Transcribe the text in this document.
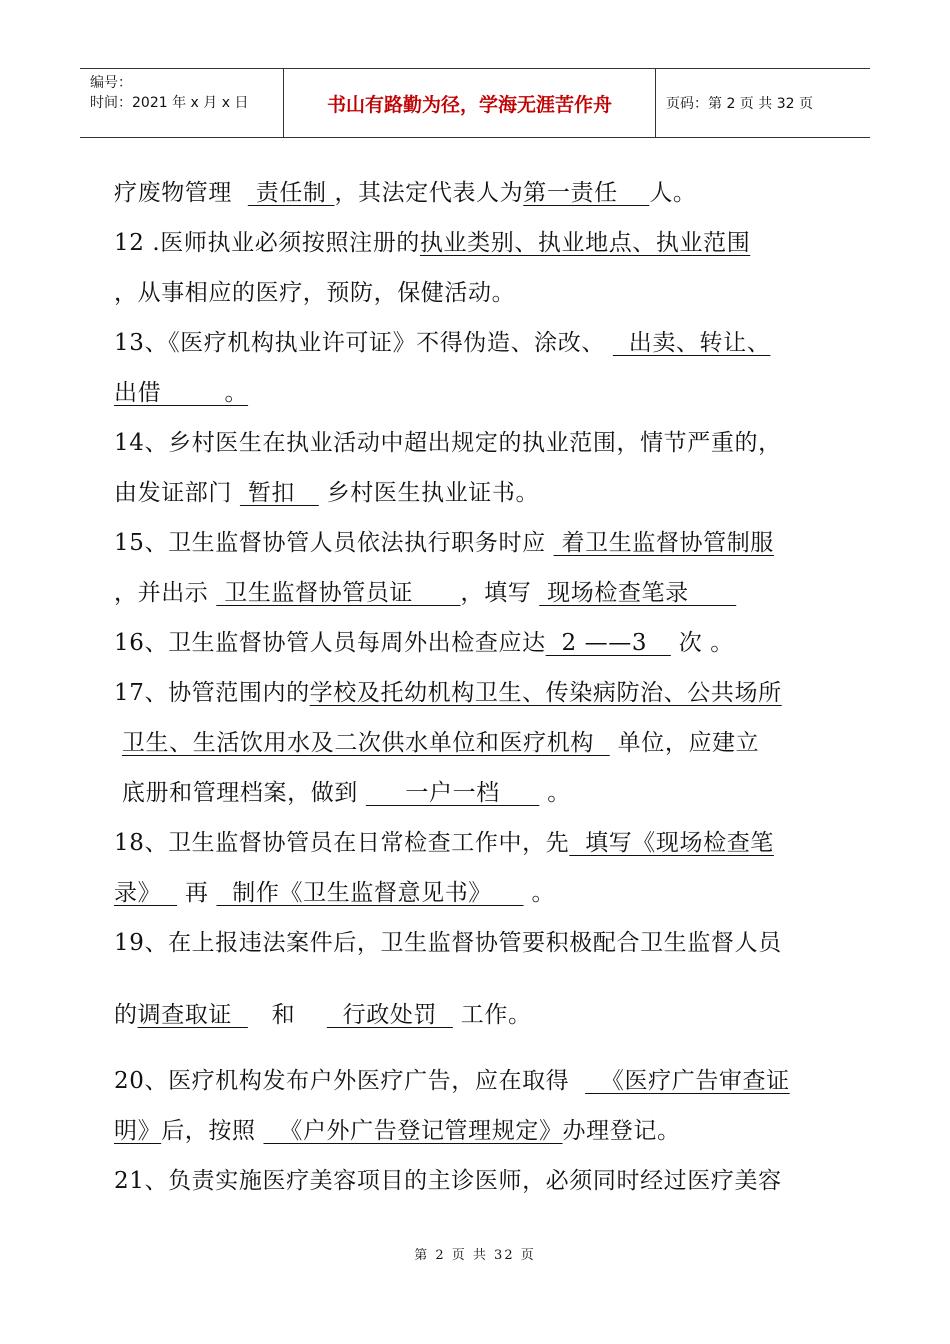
编号：
时间：2021 年 x 月 x 日	书山有路勤为径，学海无涯苦作舟	页码：第 2 页 共 32 页
疗废物管理   责任制 ，其法定代表人为第一责任    人。
12 .医师执业必须按照注册的执业类别、执业地点、执业范围
，从事相应的医疗，预防，保健活动。
13、《医疗机构执业许可证》不得伪造、涂改、   出卖、转让、
出借        。
14、乡村医生在执业活动中超出规定的执业范围，情节严重的，
由发证部门  暂扣    乡村医生执业证书。
15、卫生监督协管人员依法执行职务时应  着卫生监督协管制服
，并出示  卫生监督协管员证      ，填写  现场检查笔录
16、卫生监督协管人员每周外出检查应达  2 ——3    次 。
17、协管范围内的学校及托幼机构卫生、传染病防治、公共场所
卫生、生活饮用水及二次供水单位和医疗机构   单位，应建立
底册和管理档案，做到      一户一档      。
18、卫生监督协管员在日常检查工作中，先  填写《现场检查笔
录》   再   制作《卫生监督意见书》     。
19、在上报违法案件后，卫生监督协管要积极配合卫生监督人员
的调查取证     和      行政处罚   工作。
20、医疗机构发布户外医疗广告，应在取得    《医疗广告审查证
明》后，按照   《户外广告登记管理规定》办理登记。
21、负责实施医疗美容项目的主诊医师，必须同时经过医疗美容
第 2 页 共 32 页
